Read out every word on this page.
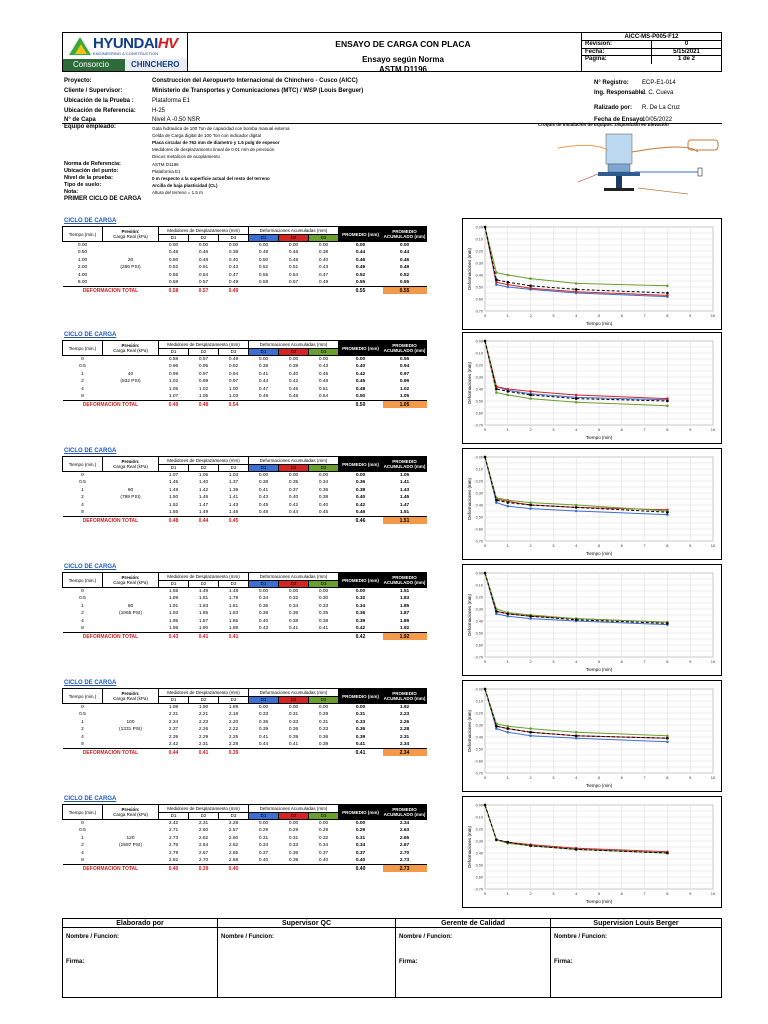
HYUNDAIHV
ENGINEERING & CONSTRUCTION
Consorcio	CHINCHERO
ENSAYO DE CARGA CON PLACA
Ensayo según Norma
ASTM D1196
AICC-MS-P005-F12
Revision:	0
Fecha:	5/15/2021
Pagina:	1 de 2
Proyecto:	Construccion del Aeropuerto Internacional de Chinchero - Cusco (AICC)
Cliente / Supervisor:	Ministerio de Transportes y Comunicaciones (MTC) / WSP (Louis Berguer)
Ubicación de la Prueba :	Plataforma E1
Ubicación de Referencia:	H-25
N° de Capa	Nivel A -0.50 NSR
N° Registro: ECP-E1-014
Ing. Responsable:
J. C. Cueva
Ralizado por: R. De La Cruz
Fecha de Ensayo:
10/05/2022
Equipo empleado:	Gata hidraulica de 100 Ton de capacidad con bomba manual externa
Celda de Carga digital de 100 Ton con indicador digital
Placa circular de 762 mm de diametro y 1.5 pulg de espesor
Medidores de desplazamiento lineal de 0.01 mm de precisión
Discos metalicos de acoplamiento
Norma de Referencia:	ASTM D1196
Ubicación del punto:	Plataforma E1
Nivel de la prueba:	0 m respecto a la superficie actual del resto del terreno
Tipo de suelo:	Arcilla de baja plasticidad (CL)
Nota:	Altura del terreno = 1.5 m
PRIMER CICLO DE CARGA
Croquis de Instalación de Equipos: Disposición en Elevación
CICLO DE CARGA
Tiempo (min.)	Presión:
Carga Real (kPa)	Medidores de Desplazamiento (mm)			Deformaciones Acumuladas (mm)			PROMEDIO (mm)	PROMEDIO ACUMULADO (mm)
		D1	D2	D3	D1	D2	D3		
0.00		0.00	0.00	0.00	0.00	0.00	0.00	0.00	0.00
0.50		0.48	0.46	0.38	0.48	0.46	0.38	0.44	0.44
1.00	20	0.50	0.48	0.40	0.50	0.48	0.40	0.46	0.46
2.00	(266 PSI)	0.52	0.51	0.43	0.52	0.51	0.43	0.49	0.49
4.00		0.55	0.54	0.47	0.55	0.54	0.47	0.52	0.52
8.00		0.58	0.57	0.49	0.58	0.57	0.49	0.55	0.55
DEFORMACION TOTAL		0.58	0.57	0.49				0.55	0.55
0	1	2	3	4	5	6	7	8	9	10
0.00
0.10
0.20
0.30
0.40
0.50
0.60
0.70
Tiempo (min)
Deformaciones (mm)
CICLO DE CARGA
Tiempo (min.)	Presión:
Carga Real (kPa)	Medidores de Desplazamiento (mm)			Deformaciones Acumuladas (mm)			PROMEDIO (mm)	PROMEDIO ACUMULADO (mm)
		D1	D2	D3	D1	D2	D3		
0		0.58	0.57	0.49	0.00	0.00	0.00	0.00	0.55
0.5		0.96	0.95	0.92	0.38	0.38	0.43	0.40	0.94
1	40	0.99	0.97	0.94	0.41	0.40	0.45	0.42	0.97
2	(532 PSI)	1.02	0.99	0.97	0.44	0.42	0.48	0.45	0.99
4		1.05	1.02	1.00	0.47	0.45	0.51	0.48	1.02
8		1.07	1.05	1.03	0.49	0.48	0.54	0.50	1.05
DEFORMACION TOTAL		0.49	0.48	0.54				0.50	1.05
0	1	2	3	4	5	6	7	8	9	10
0.00
0.10
0.20
0.30
0.40
0.50
0.60
0.70
Tiempo (min)
Deformaciones (mm)
CICLO DE CARGA
Tiempo (min.)	Presión:
Carga Real (kPa)	Medidores de Desplazamiento (mm)			Deformaciones Acumuladas (mm)			PROMEDIO (mm)	PROMEDIO ACUMULADO (mm)
		D1	D2	D3	D1	D2	D3		
0		1.07	1.05	1.03	0.00	0.00	0.00	0.00	1.05
0.5		1.45	1.40	1.37	0.38	0.35	0.34	0.36	1.41
1	60	1.48	1.42	1.39	0.41	0.37	0.36	0.38	1.43
2	(799 PSI)	1.50	1.45	1.41	0.43	0.40	0.38	0.40	1.45
4		1.52	1.47	1.43	0.45	0.42	0.40	0.42	1.47
8		1.55	1.49	1.48	0.48	0.44	0.45	0.46	1.51
DEFORMACION TOTAL		0.48	0.44	0.45				0.46	1.51
0	1	2	3	4	5	6	7	8	9	10
0.00
0.10
0.20
0.30
0.40
0.50
0.60
0.70
Tiempo (min)
Deformaciones (mm)
CICLO DE CARGA
Tiempo (min.)	Presión:
Carga Real (kPa)	Medidores de Desplazamiento (mm)			Deformaciones Acumuladas (mm)			PROMEDIO (mm)	PROMEDIO ACUMULADO (mm)
		D1	D2	D3	D1	D2	D3		
0		1.55	1.49	1.48	0.00	0.00	0.00	0.00	1.51
0.5		1.89	1.81	1.78	0.34	0.32	0.30	0.32	1.83
1	80	1.91	1.83	1.81	0.36	0.34	0.33	0.34	1.85
2	(1065 PSI)	1.93	1.85	1.83	0.38	0.36	0.35	0.36	1.87
4		1.95	1.87	1.86	0.40	0.38	0.38	0.39	1.89
8		1.98	1.90	1.89	0.43	0.41	0.41	0.42	1.92
DEFORMACION TOTAL		0.43	0.41	0.41				0.42	1.92
0	1	2	3	4	5	6	7	8	9	10
0.00
0.10
0.20
0.30
0.40
0.50
0.60
0.70
Tiempo (min)
Deformaciones (mm)
CICLO DE CARGA
Tiempo (min.)	Presión:
Carga Real (kPa)	Medidores de Desplazamiento (mm)			Deformaciones Acumuladas (mm)			PROMEDIO (mm)	PROMEDIO ACUMULADO (mm)
		D1	D2	D3	D1	D2	D3		
0		1.98	1.90	1.89	0.00	0.00	0.00	0.00	1.92
0.5		2.31	2.21	2.18	0.33	0.31	0.29	0.31	2.23
1	100	2.34	2.23	2.20	0.36	0.33	0.31	0.33	2.26
2	(1331 PSI)	2.37	2.26	2.22	0.39	0.36	0.33	0.36	2.28
4		2.39	2.29	2.25	0.41	0.39	0.36	0.39	2.31
8		2.42	2.31	2.28	0.44	0.41	0.39	0.41	2.34
DEFORMACION TOTAL		0.44	0.41	0.39				0.41	2.34
0	1	2	3	4	5	6	7	8	9	10
0.00
0.10
0.20
0.30
0.40
0.50
0.60
0.70
Tiempo (min)
Deformaciones (mm)
CICLO DE CARGA
Tiempo (min.)	Presión:
Carga Real (kPa)	Medidores de Desplazamiento (mm)			Deformaciones Acumuladas (mm)			PROMEDIO (mm)	PROMEDIO ACUMULADO (mm)
		D1	D2	D3	D1	D2	D3		
0		2.42	2.31	2.28	0.00	0.00	0.00	0.00	2.34
0.5		2.71	2.60	2.57	0.29	0.29	0.29	0.29	2.63
1	120	2.73	2.62	2.60	0.31	0.31	0.32	0.31	2.65
2	(1597 PSI)	2.76	2.64	2.62	0.34	0.33	0.34	0.34	2.67
4		2.79	2.67	2.65	0.37	0.36	0.37	0.37	2.70
8		2.82	2.70	2.68	0.40	0.39	0.40	0.40	2.73
DEFORMACION TOTAL		0.40	0.39	0.40				0.40	2.73
0	1	2	3	4	5	6	7	8	9	10
0.00
0.10
0.20
0.30
0.40
0.50
0.60
0.70
Tiempo (min)
Deformaciones (mm)
Elaborado por
Nombre / Funcion:
Firma:
Supervisor QC
Nombre / Funcion:
Gerente de Calidad
Nombre / Funcion:
Firma:
Supervision Louis Berger
Nombre / Funcion:
Firma:
